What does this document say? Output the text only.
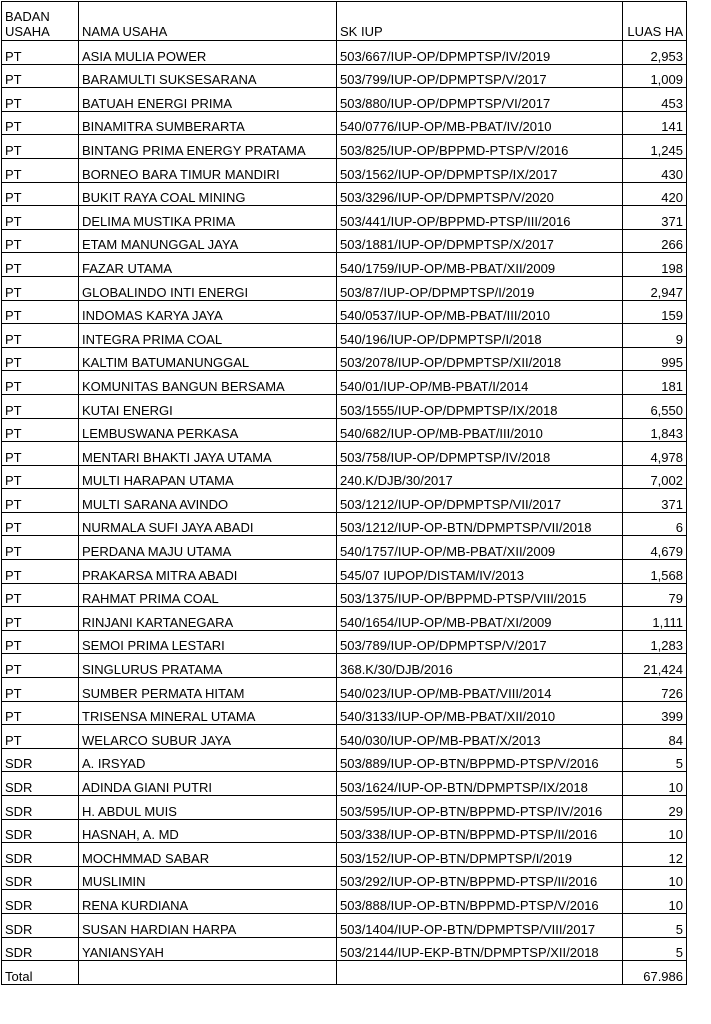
BADAN USAHA	NAMA USAHA	SK IUP	LUAS HA
PT	ASIA MULIA POWER	503/667/IUP-OP/DPMPTSP/IV/2019	2,953
PT	BARAMULTI SUKSESARANA	503/799/IUP-OP/DPMPTSP/V/2017	1,009
PT	BATUAH ENERGI PRIMA	503/880/IUP-OP/DPMPTSP/VI/2017	453
PT	BINAMITRA SUMBERARTA	540/0776/IUP-OP/MB-PBAT/IV/2010	141
PT	BINTANG PRIMA ENERGY PRATAMA	503/825/IUP-OP/BPPMD-PTSP/V/2016	1,245
PT	BORNEO BARA TIMUR MANDIRI	503/1562/IUP-OP/DPMPTSP/IX/2017	430
PT	BUKIT RAYA COAL MINING	503/3296/IUP-OP/DPMPTSP/V/2020	420
PT	DELIMA MUSTIKA PRIMA	503/441/IUP-OP/BPPMD-PTSP/III/2016	371
PT	ETAM MANUNGGAL JAYA	503/1881/IUP-OP/DPMPTSP/X/2017	266
PT	FAZAR UTAMA	540/1759/IUP-OP/MB-PBAT/XII/2009	198
PT	GLOBALINDO INTI ENERGI	503/87/IUP-OP/DPMPTSP/I/2019	2,947
PT	INDOMAS KARYA JAYA	540/0537/IUP-OP/MB-PBAT/III/2010	159
PT	INTEGRA PRIMA COAL	540/196/IUP-OP/DPMPTSP/I/2018	9
PT	KALTIM BATUMANUNGGAL	503/2078/IUP-OP/DPMPTSP/XII/2018	995
PT	KOMUNITAS BANGUN BERSAMA	540/01/IUP-OP/MB-PBAT/I/2014	181
PT	KUTAI ENERGI	503/1555/IUP-OP/DPMPTSP/IX/2018	6,550
PT	LEMBUSWANA PERKASA	540/682/IUP-OP/MB-PBAT/III/2010	1,843
PT	MENTARI BHAKTI JAYA UTAMA	503/758/IUP-OP/DPMPTSP/IV/2018	4,978
PT	MULTI HARAPAN UTAMA	240.K/DJB/30/2017	7,002
PT	MULTI SARANA AVINDO	503/1212/IUP-OP/DPMPTSP/VII/2017	371
PT	NURMALA SUFI JAYA ABADI	503/1212/IUP-OP-BTN/DPMPTSP/VII/2018	6
PT	PERDANA MAJU UTAMA	540/1757/IUP-OP/MB-PBAT/XII/2009	4,679
PT	PRAKARSA MITRA ABADI	545/07 IUPOP/DISTAM/IV/2013	1,568
PT	RAHMAT PRIMA COAL	503/1375/IUP-OP/BPPMD-PTSP/VIII/2015	79
PT	RINJANI KARTANEGARA	540/1654/IUP-OP/MB-PBAT/XI/2009	1,111
PT	SEMOI PRIMA LESTARI	503/789/IUP-OP/DPMPTSP/V/2017	1,283
PT	SINGLURUS PRATAMA	368.K/30/DJB/2016	21,424
PT	SUMBER PERMATA HITAM	540/023/IUP-OP/MB-PBAT/VIII/2014	726
PT	TRISENSA MINERAL UTAMA	540/3133/IUP-OP/MB-PBAT/XII/2010	399
PT	WELARCO SUBUR JAYA	540/030/IUP-OP/MB-PBAT/X/2013	84
SDR	A. IRSYAD	503/889/IUP-OP-BTN/BPPMD-PTSP/V/2016	5
SDR	ADINDA GIANI PUTRI	503/1624/IUP-OP-BTN/DPMPTSP/IX/2018	10
SDR	H. ABDUL MUIS	503/595/IUP-OP-BTN/BPPMD-PTSP/IV/2016	29
SDR	HASNAH, A. MD	503/338/IUP-OP-BTN/BPPMD-PTSP/II/2016	10
SDR	MOCHMMAD SABAR	503/152/IUP-OP-BTN/DPMPTSP/I/2019	12
SDR	MUSLIMIN	503/292/IUP-OP-BTN/BPPMD-PTSP/II/2016	10
SDR	RENA KURDIANA	503/888/IUP-OP-BTN/BPPMD-PTSP/V/2016	10
SDR	SUSAN HARDIAN HARPA	503/1404/IUP-OP-BTN/DPMPTSP/VIII/2017	5
SDR	YANIANSYAH	503/2144/IUP-EKP-BTN/DPMPTSP/XII/2018	5
Total			67.986
